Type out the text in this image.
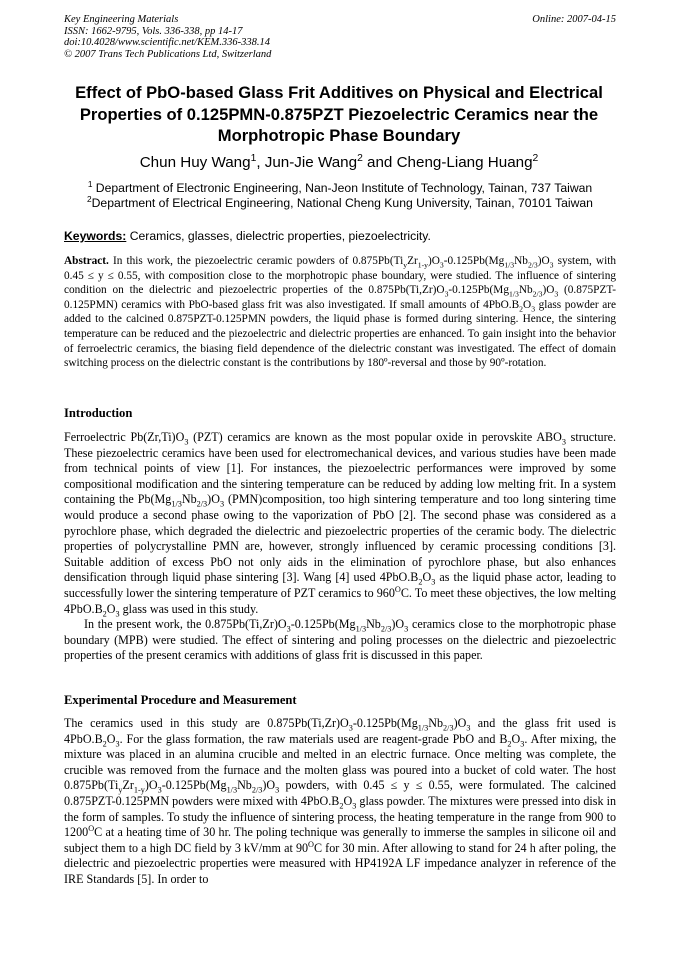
Key Engineering Materials
ISSN: 1662-9795, Vols. 336-338, pp 14-17
doi:10.4028/www.scientific.net/KEM.336-338.14
© 2007 Trans Tech Publications Ltd, Switzerland
Online: 2007-04-15
Effect of PbO-based Glass Frit Additives on Physical and Electrical Properties of 0.125PMN-0.875PZT Piezoelectric Ceramics near the Morphotropic Phase Boundary
Chun Huy Wang$^1$, Jun-Jie Wang$^2$ and Cheng-Liang Huang$^2$
$^1$ Department of Electronic Engineering, Nan-Jeon Institute of Technology, Tainan, 737 Taiwan
$^2$Department of Electrical Engineering, National Cheng Kung University, Tainan, 70101 Taiwan
Keywords: Ceramics, glasses, dielectric properties, piezoelectricity.
Abstract. In this work, the piezoelectric ceramic powders of $0.875Pb(Ti_yZr_{1-y})O_3-0.125Pb(Mg_{1/3}Nb_{2/3})O_3$ system, with 0.45 ≤ y ≤ 0.55, with composition close to the morphotropic phase boundary, were studied. The influence of sintering condition on the dielectric and piezoelectric properties of the $0.875Pb(Ti,Zr)O_3-0.125Pb(Mg_{1/3}Nb_{2/3})O_3$ (0.875PZT-0.125PMN) ceramics with PbO-based glass frit was also investigated. If small amounts of $4PbO.B_2O_3$ glass powder are added to the calcined 0.875PZT-0.125PMN powders, the liquid phase is formed during sintering. Hence, the sintering temperature can be reduced and the piezoelectric and dielectric properties are enhanced. To gain insight into the behavior of ferroelectric ceramics, the biasing field dependence of the dielectric constant was investigated. The effect of domain switching process on the dielectric constant is the contributions by 180º-reversal and those by 90º-rotation.
Introduction

Ferroelectric $Pb(Zr,Ti)O_3$ (PZT) ceramics are known as the most popular oxide in perovskite $ABO_3$ structure. These piezoelectric ceramics have been used for electromechanical devices, and various studies have been made from technical points of view [1]. For instances, the piezoelectric performances were improved by some compositional modification and the sintering temperature can be reduced by adding low melting frit. In a system containing the $Pb(Mg_{1/3}Nb_{2/3})O_3$ (PMN)composition, too high sintering temperature and too long sintering time would produce a second phase owing to the vaporization of PbO [2]. The second phase was considered as a pyrochlore phase, which degraded the dielectric and piezoelectric properties of the ceramic body. The dielectric properties of polycrystalline PMN are, however, strongly influenced by ceramic processing conditions [3]. Suitable addition of excess PbO not only aids in the elimination of pyrochlore phase, but also enhances densification through liquid phase sintering [3]. Wang [4] used $4PbO.B_2O_3$ as the liquid phase actor, leading to successfully lower the sintering temperature of PZT ceramics to $960^OC$. To meet these objectives, the low melting $4PbO.B_2O_3$ glass was used in this study.

In the present work, the $0.875Pb(Ti,Zr)O_3-0.125Pb(Mg_{1/3}Nb_{2/3})O_3$ ceramics close to the morphotropic phase boundary (MPB) were studied. The effect of sintering and poling processes on the dielectric and piezoelectric properties of the present ceramics with additions of glass frit is discussed in this paper.

Experimental Procedure and Measurement

The ceramics used in this study are $0.875Pb(Ti,Zr)O_3-0.125Pb(Mg_{1/3}Nb_{2/3})O_3$ and the glass frit used is $4PbO.B_2O_3$. For the glass formation, the raw materials used are reagent-grade PbO and $B_2O_3$. After mixing, the mixture was placed in an alumina crucible and melted in an electric furnace. Once melting was complete, the crucible was removed from the furnace and the molten glass was poured into a bucket of cold water. The host $0.875Pb(Ti_yZr_{1-y})O_3-0.125Pb(Mg_{1/3}Nb_{2/3})O_3$ powders, with 0.45 ≤ y ≤ 0.55, were formulated. The calcined 0.875PZT-0.125PMN powders were mixed with $4PbO.B_2O_3$ glass powder. The mixtures were pressed into disk in the form of samples. To study the influence of sintering process, the heating temperature in the range from 900 to $1200^OC$ at a heating time of 30 hr. The poling technique was generally to immerse the samples in silicone oil and subject them to a high DC field by 3 kV/mm at $90^OC$ for 30 min. After allowing to stand for 24 h after poling, the dielectric and piezoelectric properties were measured with HP4192A LF impedance analyzer in reference of the IRE Standards [5]. In order to
